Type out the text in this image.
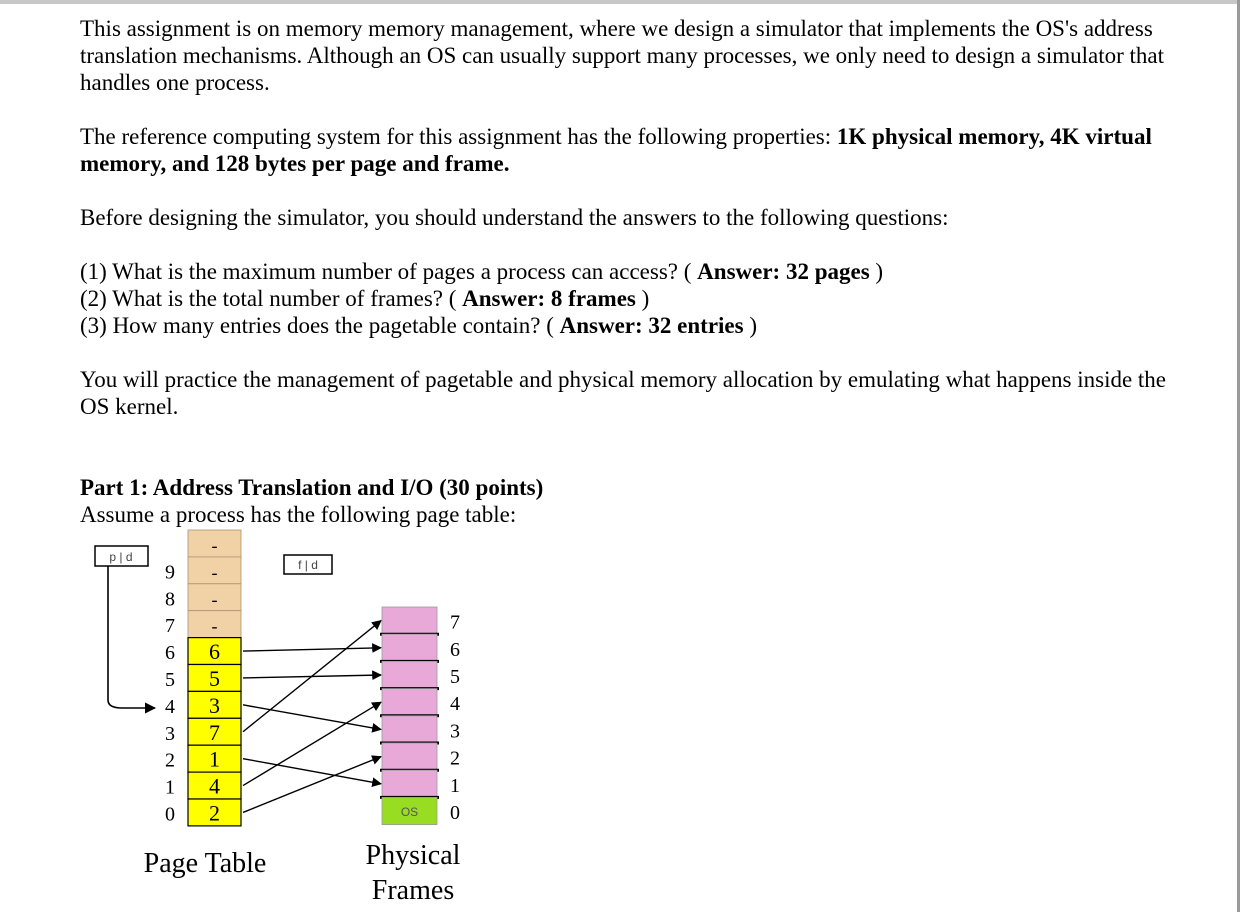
This assignment is on memory memory management, where we design a simulator that implements the OS's address translation mechanisms. Although an OS can usually support many processes, we only need to design a simulator that handles one process.
The reference computing system for this assignment has the following properties: 1K physical memory, 4K virtual memory, and 128 bytes per page and frame.
Before designing the simulator, you should understand the answers to the following questions:
(1) What is the maximum number of pages a process can access? ( Answer: 32 pages )
(2) What is the total number of frames? ( Answer: 8 frames )
(3) How many entries does the pagetable contain? ( Answer: 32 entries )
You will practice the management of pagetable and physical memory allocation by emulating what happens inside the OS kernel.
Part 1: Address Translation and I/O (30 points)
Assume a process has the following page table:
p | d
f | d
-
-
9
-
8
-
7
6
6
5
5
3
4
7
3
1
2
4
1
2
0
7
6
5
4
3
2
1
0
OS
Page Table	Physical
Frames
